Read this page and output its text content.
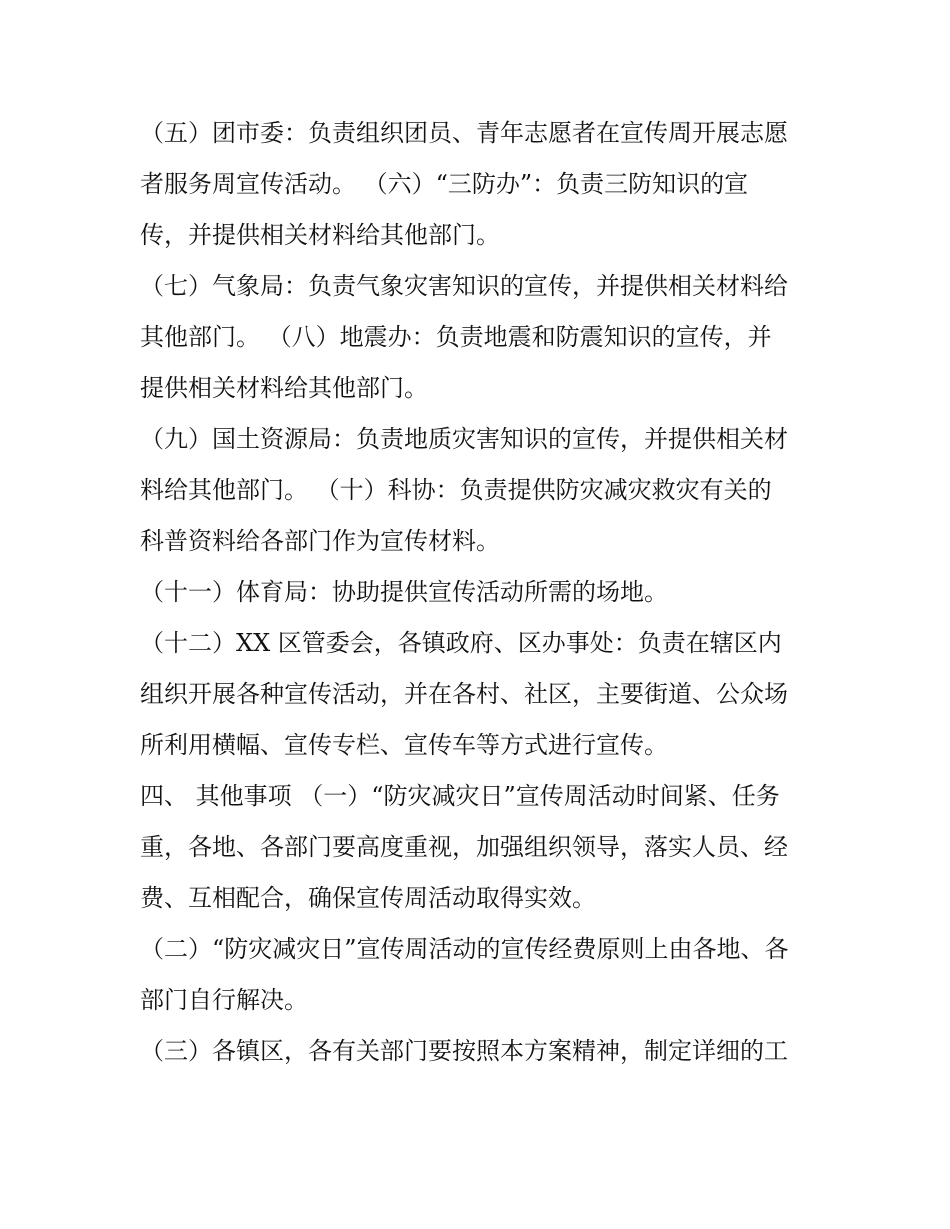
（五）团市委：负责组织团员、青年志愿者在宣传周开展志愿
者服务周宣传活动。 （六）“三防办”：负责三防知识的宣
传，并提供相关材料给其他部门。
（七）气象局：负责气象灾害知识的宣传，并提供相关材料给
其他部门。 （八）地震办：负责地震和防震知识的宣传，并
提供相关材料给其他部门。
（九）国土资源局：负责地质灾害知识的宣传，并提供相关材
料给其他部门。 （十）科协：负责提供防灾减灾救灾有关的
科普资料给各部门作为宣传材料。
（十一）体育局：协助提供宣传活动所需的场地。
（十二）XX 区管委会，各镇政府、区办事处：负责在辖区内
组织开展各种宣传活动，并在各村、社区，主要街道、公众场
所利用横幅、宣传专栏、宣传车等方式进行宣传。
四、 其他事项 （一）“防灾减灾日”宣传周活动时间紧、任务
重，各地、各部门要高度重视，加强组织领导，落实人员、经
费、互相配合，确保宣传周活动取得实效。
（二）“防灾减灾日”宣传周活动的宣传经费原则上由各地、各
部门自行解决。
（三）各镇区，各有关部门要按照本方案精神，制定详细的工
